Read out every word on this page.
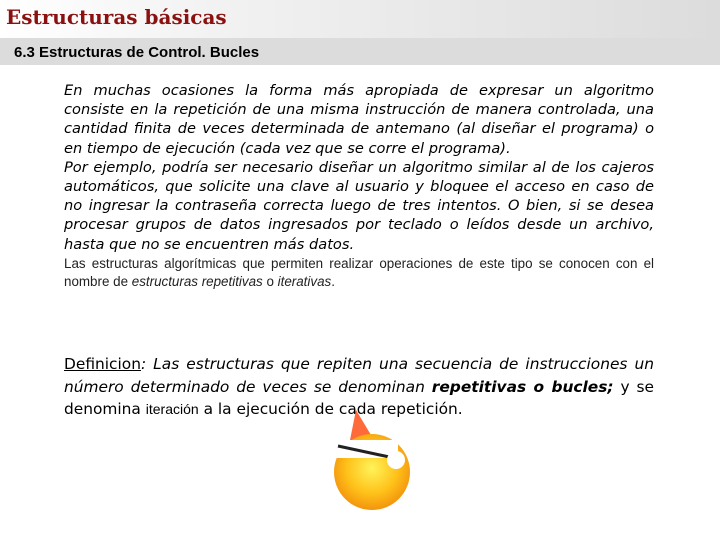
Estructuras básicas
6.3 Estructuras de Control. Bucles

En muchas ocasiones la forma más apropiada de expresar un algoritmo consiste en la repetición de una misma instrucción de manera controlada, una cantidad finita de veces determinada de antemano (al diseñar el programa) o en tiempo de ejecución (cada vez que se corre el programa).

Por ejemplo, podría ser necesario diseñar un algoritmo similar al de los cajeros automáticos, que solicite una clave al usuario y bloquee el acceso en caso de no ingresar la contraseña correcta luego de tres intentos. O bien, si se desea procesar grupos de datos ingresados por teclado o leídos desde un archivo, hasta que no se encuentren más datos.

Las estructuras algorítmicas que permiten realizar operaciones de este tipo se conocen con el nombre de estructuras repetitivas o iterativas.

Definicion: Las estructuras que repiten una secuencia de instrucciones un número determinado de veces se denominan repetitivas o bucles; y se denomina iteración a la ejecución de cada repetición.
